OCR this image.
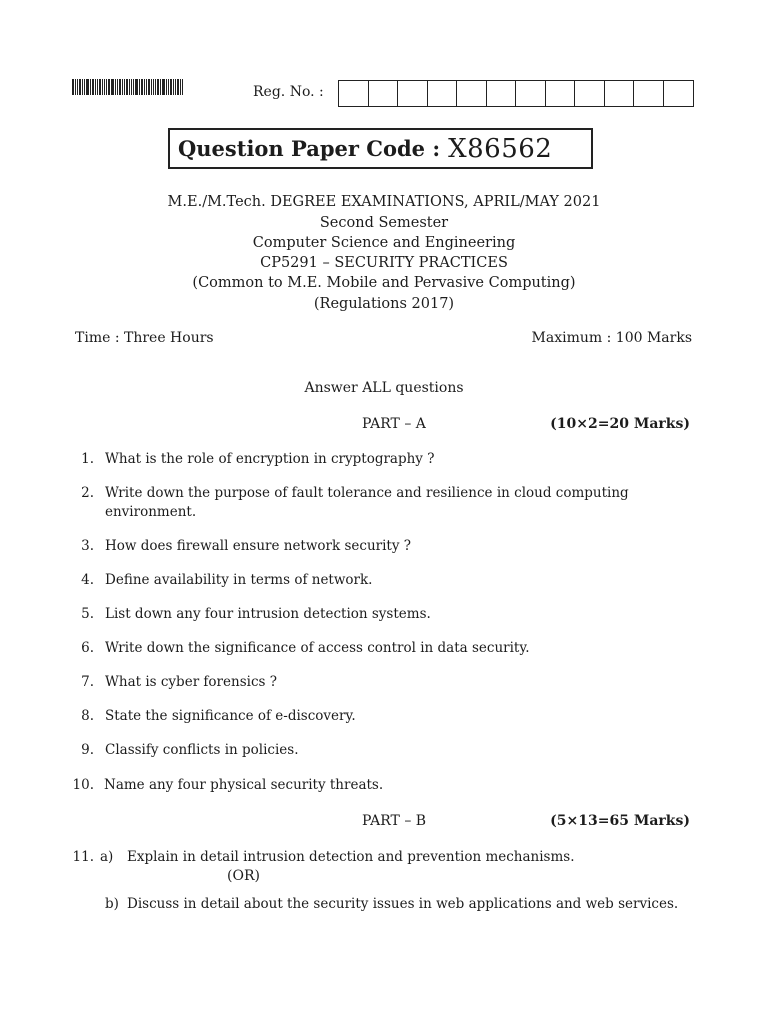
Reg. No. :
Question Paper Code : X86562
M.E./M.Tech. DEGREE EXAMINATIONS, APRIL/MAY 2021
Second Semester
Computer Science and Engineering
CP5291 – SECURITY PRACTICES
(Common to M.E. Mobile and Pervasive Computing)
(Regulations 2017)
Time : Three Hours	Maximum : 100 Marks
Answer ALL questions
PART – A	(10×2=20 Marks)
1. What is the role of encryption in cryptography ?
2. Write down the purpose of fault tolerance and resilience in cloud computing
environment.
3. How does firewall ensure network security ?
4. Define availability in terms of network.
5. List down any four intrusion detection systems.
6. Write down the significance of access control in data security.
7. What is cyber forensics ?
8. State the significance of e-discovery.
9. Classify conflicts in policies.
10. Name any four physical security threats.
PART – B	(5×13=65 Marks)
11. a) Explain in detail intrusion detection and prevention mechanisms.
(OR)
b) Discuss in detail about the security issues in web applications and web services.
